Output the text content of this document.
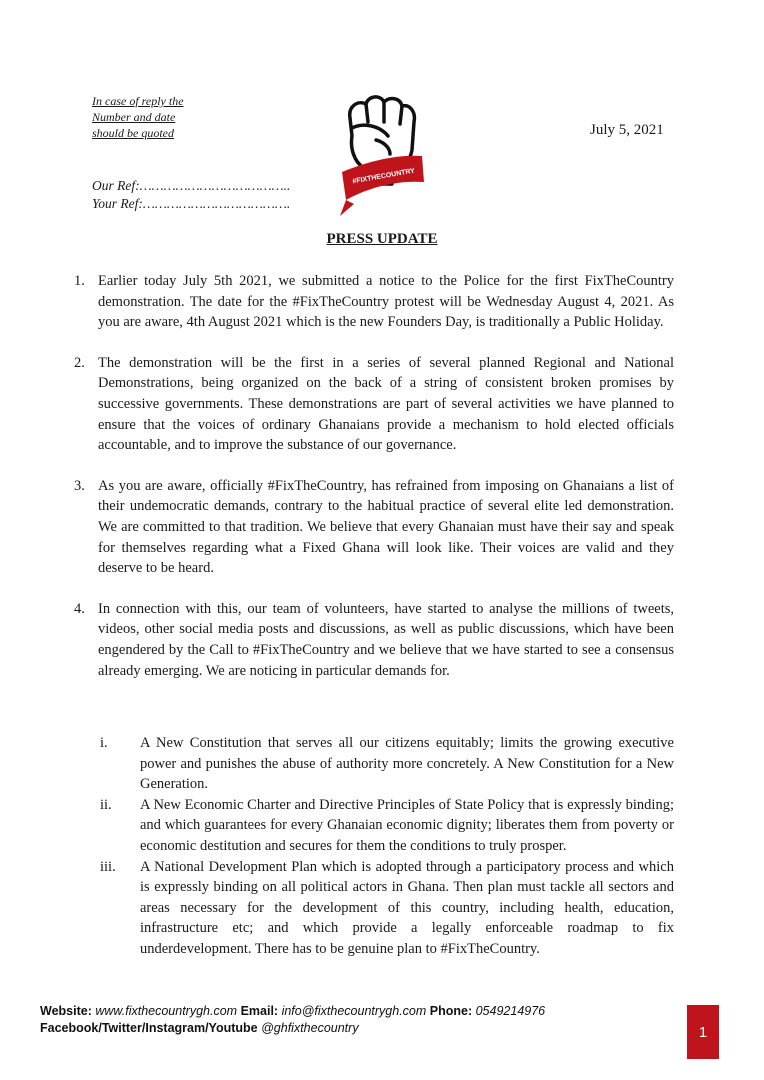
In case of reply the
Number and date
should be quoted
#FIXTHECOUNTRY
July 5, 2021
Our Ref:………………………………..
Your Ref:……………………………….
PRESS UPDATE
1. Earlier today July 5th 2021, we submitted a notice to the Police for the first FixTheCountry demonstration. The date for the #FixTheCountry protest will be Wednesday August 4, 2021. As you are aware, 4th August 2021 which is the new Founders Day, is traditionally a Public Holiday.
2. The demonstration will be the first in a series of several planned Regional and National Demonstrations, being organized on the back of a string of consistent broken promises by successive governments. These demonstrations are part of several activities we have planned to ensure that the voices of ordinary Ghanaians provide a mechanism to hold elected officials accountable, and to improve the substance of our governance.
3. As you are aware, officially #FixTheCountry, has refrained from imposing on Ghanaians a list of their undemocratic demands, contrary to the habitual practice of several elite led demonstration. We are committed to that tradition. We believe that every Ghanaian must have their say and speak for themselves regarding what a Fixed Ghana will look like. Their voices are valid and they deserve to be heard.
4. In connection with this, our team of volunteers, have started to analyse the millions of tweets, videos, other social media posts and discussions, as well as public discussions, which have been engendered by the Call to #FixTheCountry and we believe that we have started to see a consensus already emerging. We are noticing in particular demands for.
i.	A New Constitution that serves all our citizens equitably; limits the growing executive power and punishes the abuse of authority more concretely. A New Constitution for a New Generation.
ii.	A New Economic Charter and Directive Principles of State Policy that is expressly binding; and which guarantees for every Ghanaian economic dignity; liberates them from poverty or economic destitution and secures for them the conditions to truly prosper.
iii.	A National Development Plan which is adopted through a participatory process and which is expressly binding on all political actors in Ghana. Then plan must tackle all sectors and areas necessary for the development of this country, including health, education, infrastructure etc; and which provide a legally enforceable roadmap to fix underdevelopment. There has to be genuine plan to #FixTheCountry.
Website: www.fixthecountrygh.com Email: info@fixthecountrygh.com Phone: 0549214976
Facebook/Twitter/Instagram/Youtube @ghfixthecountry	1
